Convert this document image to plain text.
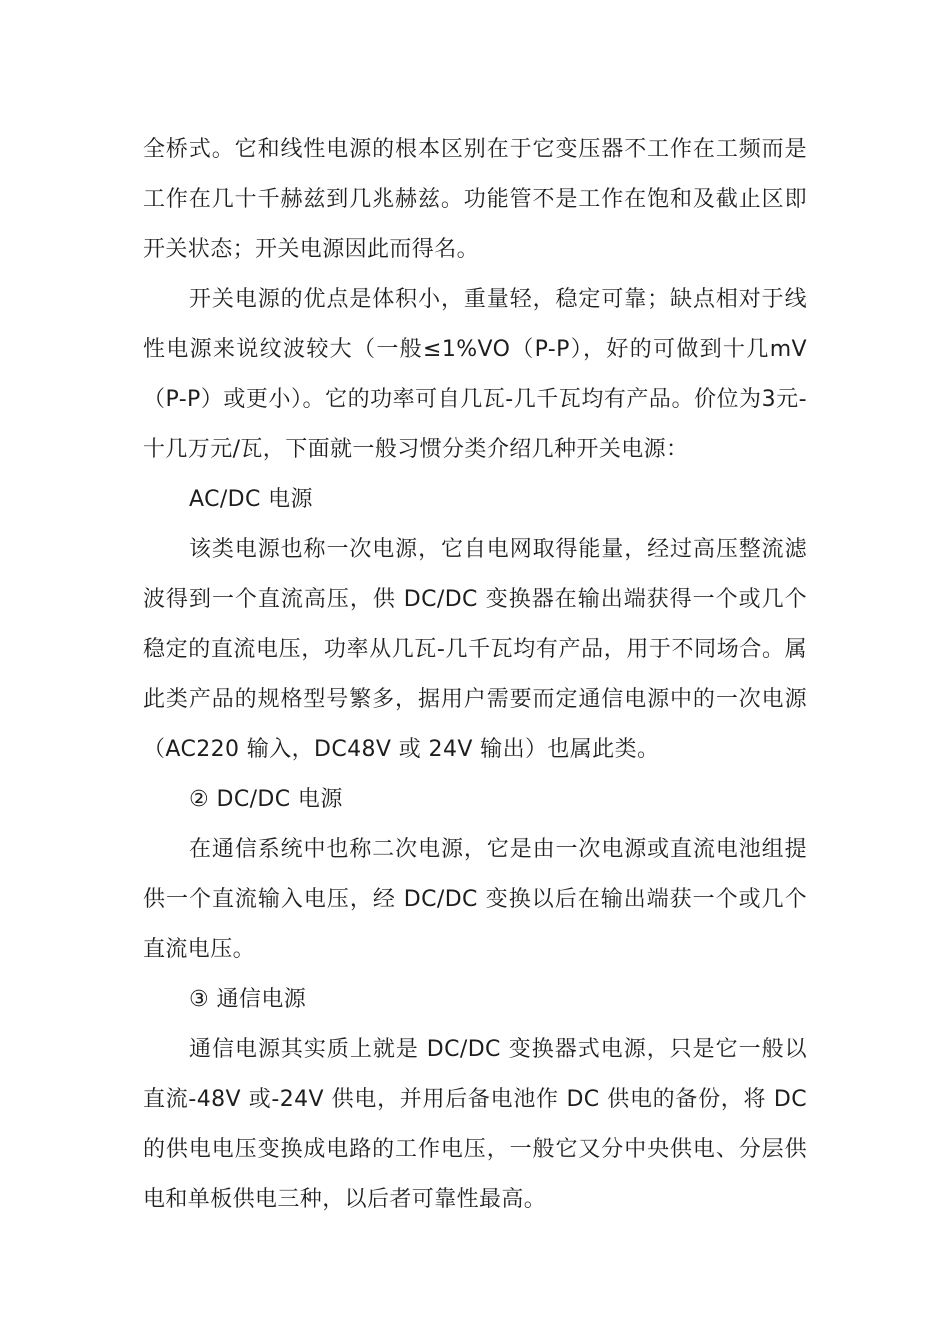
全桥式。它和线性电源的根本区别在于它变压器不工作在工频而是工作在几十千赫兹到几兆赫兹。功能管不是工作在饱和及截止区即开关状态；开关电源因此而得名。

开关电源的优点是体积小，重量轻，稳定可靠；缺点相对于线性电源来说纹波较大（一般≤1%VO（P-P），好的可做到十几mV（P-P）或更小）。它的功率可自几瓦-几千瓦均有产品。价位为3元-十几万元/瓦，下面就一般习惯分类介绍几种开关电源：

AC/DC 电源

该类电源也称一次电源，它自电网取得能量，经过高压整流滤波得到一个直流高压，供 DC/DC 变换器在输出端获得一个或几个稳定的直流电压，功率从几瓦-几千瓦均有产品，用于不同场合。属此类产品的规格型号繁多，据用户需要而定通信电源中的一次电源（AC220 输入，DC48V 或 24V 输出）也属此类。

② DC/DC 电源

在通信系统中也称二次电源，它是由一次电源或直流电池组提供一个直流输入电压，经 DC/DC 变换以后在输出端获一个或几个直流电压。

③ 通信电源

通信电源其实质上就是 DC/DC 变换器式电源，只是它一般以直流-48V 或-24V 供电，并用后备电池作 DC 供电的备份，将 DC 的供电电压变换成电路的工作电压，一般它又分中央供电、分层供电和单板供电三种，以后者可靠性最高。
